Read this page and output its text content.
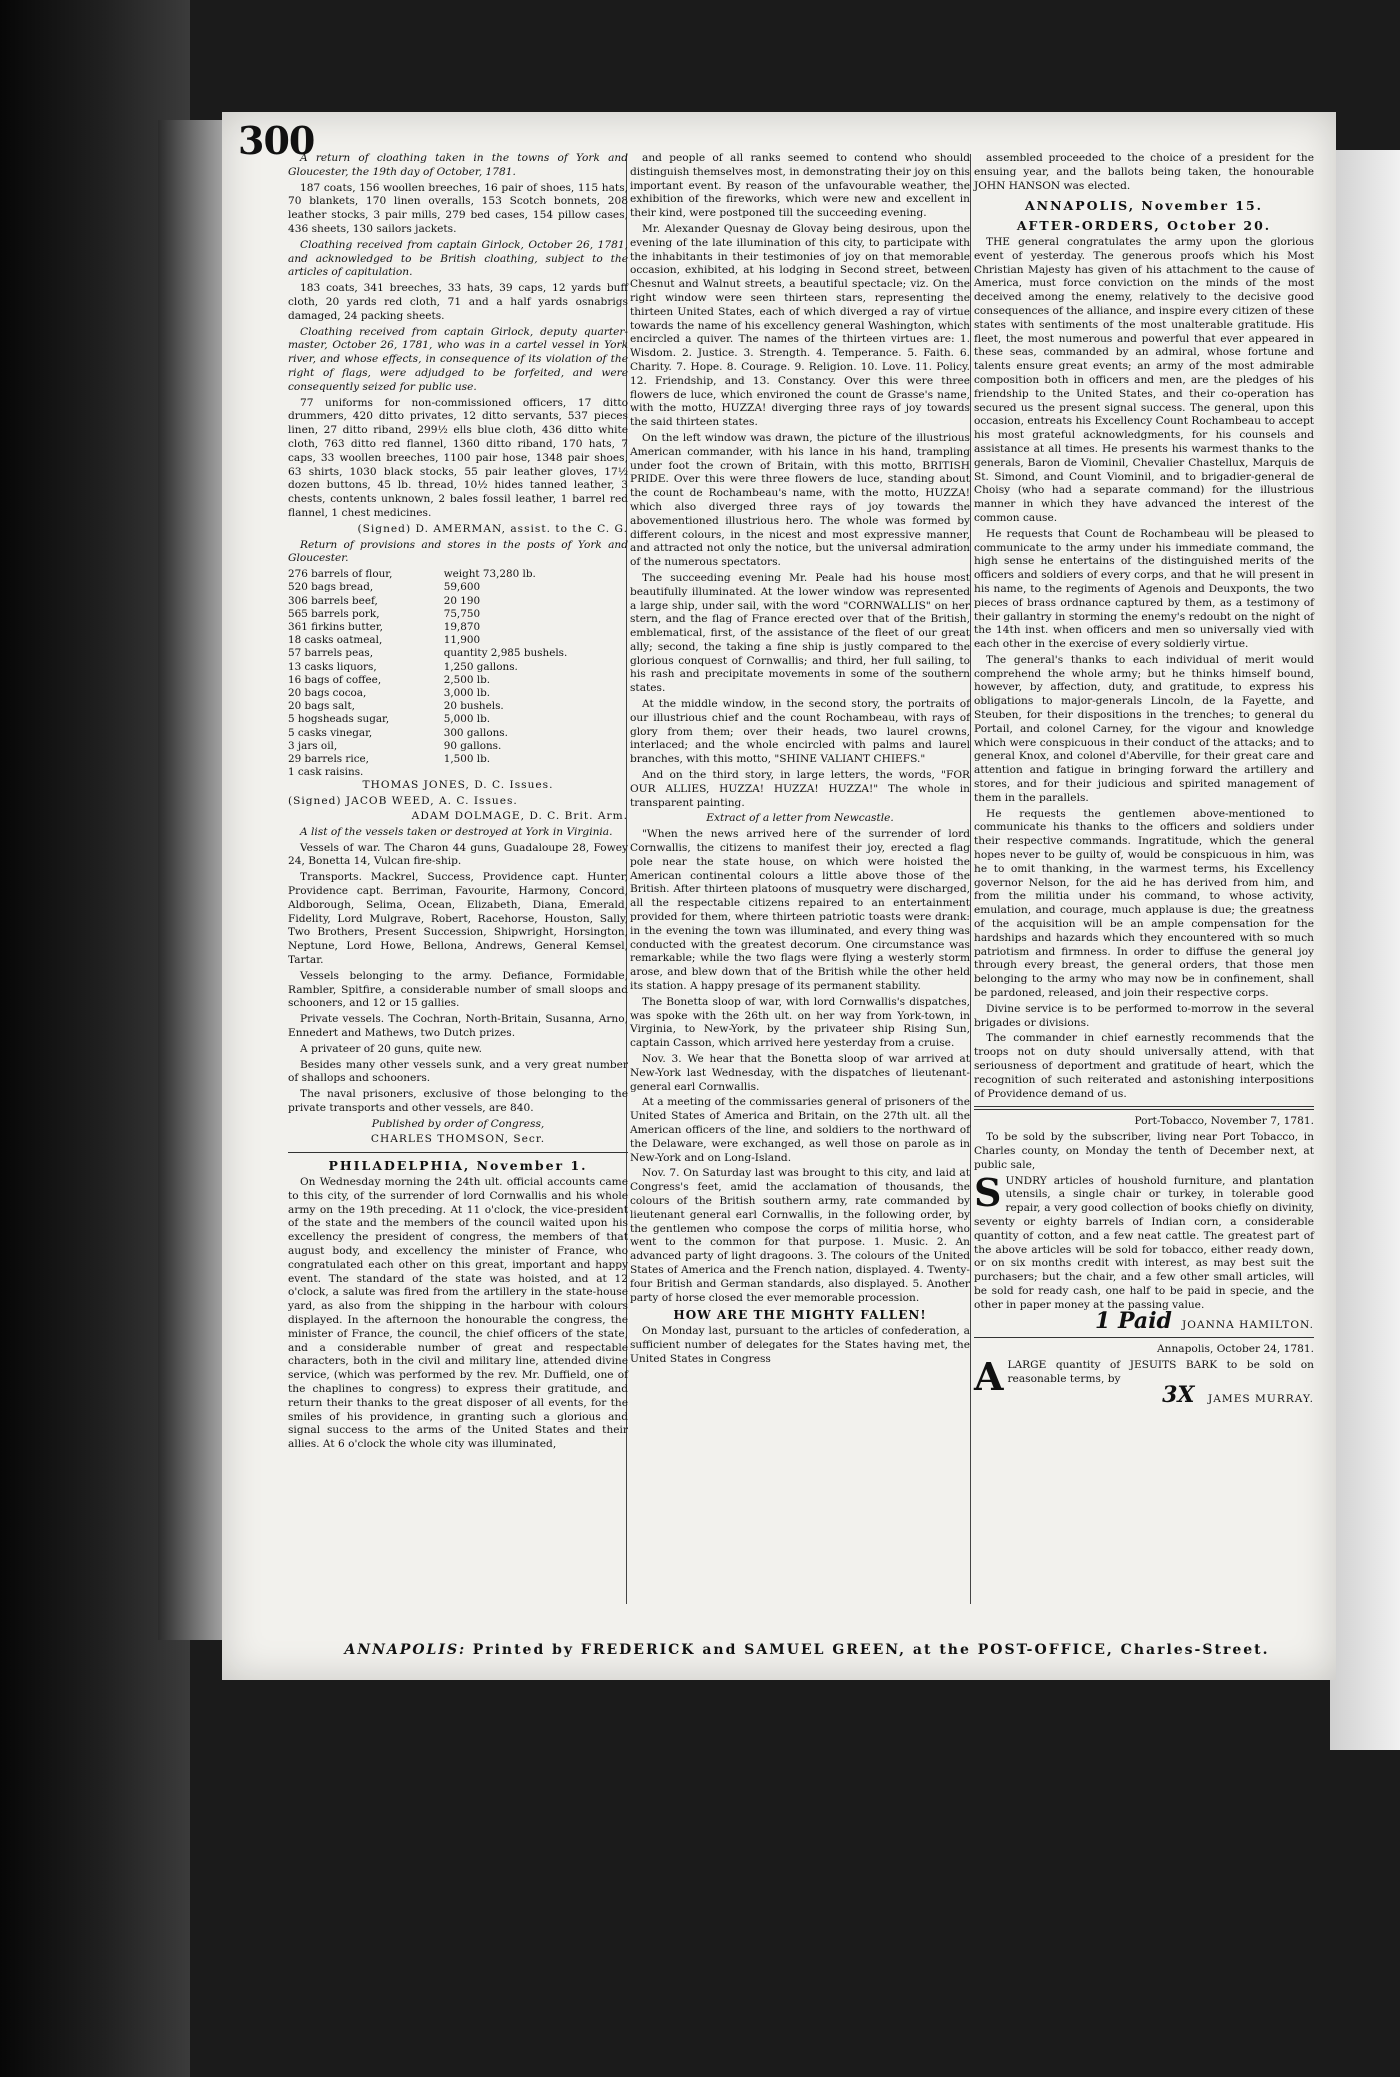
300

A return of cloathing taken in the towns of York and Gloucester, the 19th day of October, 1781.

187 coats, 156 woollen breeches, 16 pair of shoes, 115 hats, 70 blankets, 170 linen overalls, 153 Scotch bonnets, 208 leather stocks, 3 pair mills, 279 bed cases, 154 pillow cases, 436 sheets, 130 sailors jackets.

Cloathing received from captain Girlock, October 26, 1781, and acknowledged to be British cloathing, subject to the articles of capitulation.

183 coats, 341 breeches, 33 hats, 39 caps, 12 yards buff cloth, 20 yards red cloth, 71 and a half yards osnabrigs damaged, 24 packing sheets.

Cloathing received from captain Girlock, deputy quarter-master, October 26, 1781, who was in a cartel vessel in York river, and whose effects, in consequence of its violation of the right of flags, were adjudged to be forfeited, and were consequently seized for public use.

77 uniforms for non-commissioned officers, 17 ditto drummers, 420 ditto privates, 12 ditto servants, 537 pieces linen, 27 ditto riband, 299½ ells blue cloth, 436 ditto white cloth, 763 ditto red flannel, 1360 ditto riband, 170 hats, 7 caps, 33 woollen breeches, 1100 pair hose, 1348 pair shoes, 63 shirts, 1030 black stocks, 55 pair leather gloves, 17½ dozen buttons, 45 lb. thread, 10½ hides tanned leather, 3 chests, contents unknown, 2 bales fossil leather, 1 barrel red flannel, 1 chest medicines.

(Signed) D. AMERMAN, assist. to the C. G.

Return of provisions and stores in the posts of York and Gloucester.

276 barrels of flour,	weight 73,280 lb.
520 bags bread,	59,600
306 barrels beef,	20 190
565 barrels pork,	75,750
361 firkins butter,	19,870
18 casks oatmeal,	11,900
57 barrels peas,	quantity 2,985 bushels.
13 casks liquors,	1,250 gallons.
16 bags of coffee,	2,500 lb.
20 bags cocoa,	3,000 lb.
20 bags salt,	20 bushels.
5 hogsheads sugar,	5,000 lb.
5 casks vinegar,	300 gallons.
3 jars oil,	90 gallons.
29 barrels rice,	1,500 lb.
1 cask raisins.	

THOMAS JONES, D. C. Issues.

(Signed) JACOB WEED, A. C. Issues.

ADAM DOLMAGE, D. C. Brit. Arm.

A list of the vessels taken or destroyed at York in Virginia.

Vessels of war. The Charon 44 guns, Guadaloupe 28, Fowey 24, Bonetta 14, Vulcan fire-ship.

Transports. Mackrel, Success, Providence capt. Hunter, Providence capt. Berriman, Favourite, Harmony, Concord, Aldborough, Selima, Ocean, Elizabeth, Diana, Emerald, Fidelity, Lord Mulgrave, Robert, Racehorse, Houston, Sally, Two Brothers, Present Succession, Shipwright, Horsington, Neptune, Lord Howe, Bellona, Andrews, General Kemsel, Tartar.

Vessels belonging to the army. Defiance, Formidable, Rambler, Spitfire, a considerable number of small sloops and schooners, and 12 or 15 gallies.

Private vessels. The Cochran, North-Britain, Susanna, Arno, Ennedert and Mathews, two Dutch prizes.

A privateer of 20 guns, quite new.

Besides many other vessels sunk, and a very great number of shallops and schooners.

The naval prisoners, exclusive of those belonging to the private transports and other vessels, are 840.

Published by order of Congress,

CHARLES THOMSON, Secr.

PHILADELPHIA, November 1.

On Wednesday morning the 24th ult. official accounts came to this city, of the surrender of lord Cornwallis and his whole army on the 19th preceding. At 11 o'clock, the vice-president of the state and the members of the council waited upon his excellency the president of congress, the members of that august body, and excellency the minister of France, who congratulated each other on this great, important and happy event. The standard of the state was hoisted, and at 12 o'clock, a salute was fired from the artillery in the state-house yard, as also from the shipping in the harbour with colours displayed. In the afternoon the honourable the congress, the minister of France, the council, the chief officers of the state, and a considerable number of great and respectable characters, both in the civil and military line, attended divine service, (which was performed by the rev. Mr. Duffield, one of the chaplines to congress) to express their gratitude, and return their thanks to the great disposer of all events, for the smiles of his providence, in granting such a glorious and signal success to the arms of the United States and their allies. At 6 o'clock the whole city was illuminated,

and people of all ranks seemed to contend who should distinguish themselves most, in demonstrating their joy on this important event. By reason of the unfavourable weather, the exhibition of the fireworks, which were new and excellent in their kind, were postponed till the succeeding evening.

Mr. Alexander Quesnay de Glovay being desirous, upon the evening of the late illumination of this city, to participate with the inhabitants in their testimonies of joy on that memorable occasion, exhibited, at his lodging in Second street, between Chesnut and Walnut streets, a beautiful spectacle; viz. On the right window were seen thirteen stars, representing the thirteen United States, each of which diverged a ray of virtue towards the name of his excellency general Washington, which encircled a quiver. The names of the thirteen virtues are: 1. Wisdom. 2. Justice. 3. Strength. 4. Temperance. 5. Faith. 6. Charity. 7. Hope. 8. Courage. 9. Religion. 10. Love. 11. Policy. 12. Friendship, and 13. Constancy. Over this were three flowers de luce, which environed the count de Grasse's name, with the motto, HUZZA! diverging three rays of joy towards the said thirteen states.

On the left window was drawn, the picture of the illustrious American commander, with his lance in his hand, trampling under foot the crown of Britain, with this motto, BRITISH PRIDE. Over this were three flowers de luce, standing about the count de Rochambeau's name, with the motto, HUZZA! which also diverged three rays of joy towards the abovementioned illustrious hero. The whole was formed by different colours, in the nicest and most expressive manner, and attracted not only the notice, but the universal admiration of the numerous spectators.

The succeeding evening Mr. Peale had his house most beautifully illuminated. At the lower window was represented a large ship, under sail, with the word "CORNWALLIS" on her stern, and the flag of France erected over that of the British, emblematical, first, of the assistance of the fleet of our great ally; second, the taking a fine ship is justly compared to the glorious conquest of Cornwallis; and third, her full sailing, to his rash and precipitate movements in some of the southern states.

At the middle window, in the second story, the portraits of our illustrious chief and the count Rochambeau, with rays of glory from them; over their heads, two laurel crowns, interlaced; and the whole encircled with palms and laurel branches, with this motto, "SHINE VALIANT CHIEFS."

And on the third story, in large letters, the words, "FOR OUR ALLIES, HUZZA! HUZZA! HUZZA!" The whole in transparent painting.

Extract of a letter from Newcastle.

"When the news arrived here of the surrender of lord Cornwallis, the citizens to manifest their joy, erected a flag pole near the state house, on which were hoisted the American continental colours a little above those of the British. After thirteen platoons of musquetry were discharged, all the respectable citizens repaired to an entertainment provided for them, where thirteen patriotic toasts were drank: in the evening the town was illuminated, and every thing was conducted with the greatest decorum. One circumstance was remarkable; while the two flags were flying a westerly storm arose, and blew down that of the British while the other held its station. A happy presage of its permanent stability.

The Bonetta sloop of war, with lord Cornwallis's dispatches, was spoke with the 26th ult. on her way from York-town, in Virginia, to New-York, by the privateer ship Rising Sun, captain Casson, which arrived here yesterday from a cruise.

Nov. 3. We hear that the Bonetta sloop of war arrived at New-York last Wednesday, with the dispatches of lieutenant-general earl Cornwallis.

At a meeting of the commissaries general of prisoners of the United States of America and Britain, on the 27th ult. all the American officers of the line, and soldiers to the northward of the Delaware, were exchanged, as well those on parole as in New-York and on Long-Island.

Nov. 7. On Saturday last was brought to this city, and laid at Congress's feet, amid the acclamation of thousands, the colours of the British southern army, rate commanded by lieutenant general earl Cornwallis, in the following order, by the gentlemen who compose the corps of militia horse, who went to the common for that purpose. 1. Music. 2. An advanced party of light dragoons. 3. The colours of the United States of America and the French nation, displayed. 4. Twenty-four British and German standards, also displayed. 5. Another party of horse closed the ever memorable procession.

HOW ARE THE MIGHTY FALLEN!

On Monday last, pursuant to the articles of confederation, a sufficient number of delegates for the States having met, the United States in Congress

assembled proceeded to the choice of a president for the ensuing year, and the ballots being taken, the honourable JOHN HANSON was elected.

ANNAPOLIS, November 15.

AFTER-ORDERS, October 20.

THE general congratulates the army upon the glorious event of yesterday. The generous proofs which his Most Christian Majesty has given of his attachment to the cause of America, must force conviction on the minds of the most deceived among the enemy, relatively to the decisive good consequences of the alliance, and inspire every citizen of these states with sentiments of the most unalterable gratitude. His fleet, the most numerous and powerful that ever appeared in these seas, commanded by an admiral, whose fortune and talents ensure great events; an army of the most admirable composition both in officers and men, are the pledges of his friendship to the United States, and their co-operation has secured us the present signal success. The general, upon this occasion, entreats his Excellency Count Rochambeau to accept his most grateful acknowledgments, for his counsels and assistance at all times. He presents his warmest thanks to the generals, Baron de Viominil, Chevalier Chastellux, Marquis de St. Simond, and Count Viominil, and to brigadier-general de Choisy (who had a separate command) for the illustrious manner in which they have advanced the interest of the common cause.

He requests that Count de Rochambeau will be pleased to communicate to the army under his immediate command, the high sense he entertains of the distinguished merits of the officers and soldiers of every corps, and that he will present in his name, to the regiments of Agenois and Deuxponts, the two pieces of brass ordnance captured by them, as a testimony of their gallantry in storming the enemy's redoubt on the night of the 14th inst. when officers and men so universally vied with each other in the exercise of every soldierly virtue.

The general's thanks to each individual of merit would comprehend the whole army; but he thinks himself bound, however, by affection, duty, and gratitude, to express his obligations to major-generals Lincoln, de la Fayette, and Steuben, for their dispositions in the trenches; to general du Portail, and colonel Carney, for the vigour and knowledge which were conspicuous in their conduct of the attacks; and to general Knox, and colonel d'Aberville, for their great care and attention and fatigue in bringing forward the artillery and stores, and for their judicious and spirited management of them in the parallels.

He requests the gentlemen above-mentioned to communicate his thanks to the officers and soldiers under their respective commands. Ingratitude, which the general hopes never to be guilty of, would be conspicuous in him, was he to omit thanking, in the warmest terms, his Excellency governor Nelson, for the aid he has derived from him, and from the militia under his command, to whose activity, emulation, and courage, much applause is due; the greatness of the acquisition will be an ample compensation for the hardships and hazards which they encountered with so much patriotism and firmness. In order to diffuse the general joy through every breast, the general orders, that those men belonging to the army who may now be in confinement, shall be pardoned, released, and join their respective corps.

Divine service is to be performed to-morrow in the several brigades or divisions.

The commander in chief earnestly recommends that the troops not on duty should universally attend, with that seriousness of deportment and gratitude of heart, which the recognition of such reiterated and astonishing interpositions of Providence demand of us.

Port-Tobacco, November 7, 1781.

To be sold by the subscriber, living near Port Tobacco, in Charles county, on Monday the tenth of December next, at public sale,

SUNDRY articles of houshold furniture, and plantation utensils, a single chair or turkey, in tolerable good repair, a very good collection of books chiefly on divinity, seventy or eighty barrels of Indian corn, a considerable quantity of cotton, and a few neat cattle. The greatest part of the above articles will be sold for tobacco, either ready down, or on six months credit with interest, as may best suit the purchasers; but the chair, and a few other small articles, will be sold for ready cash, one half to be paid in specie, and the other in paper money at the passing value.

1 Paid JOANNA HAMILTON.

Annapolis, October 24, 1781.

ALARGE quantity of JESUITS BARK to be sold on reasonable terms, by

3X JAMES MURRAY.

ANNAPOLIS: Printed by FREDERICK and SAMUEL GREEN, at the POST-OFFICE, Charles-Street.
